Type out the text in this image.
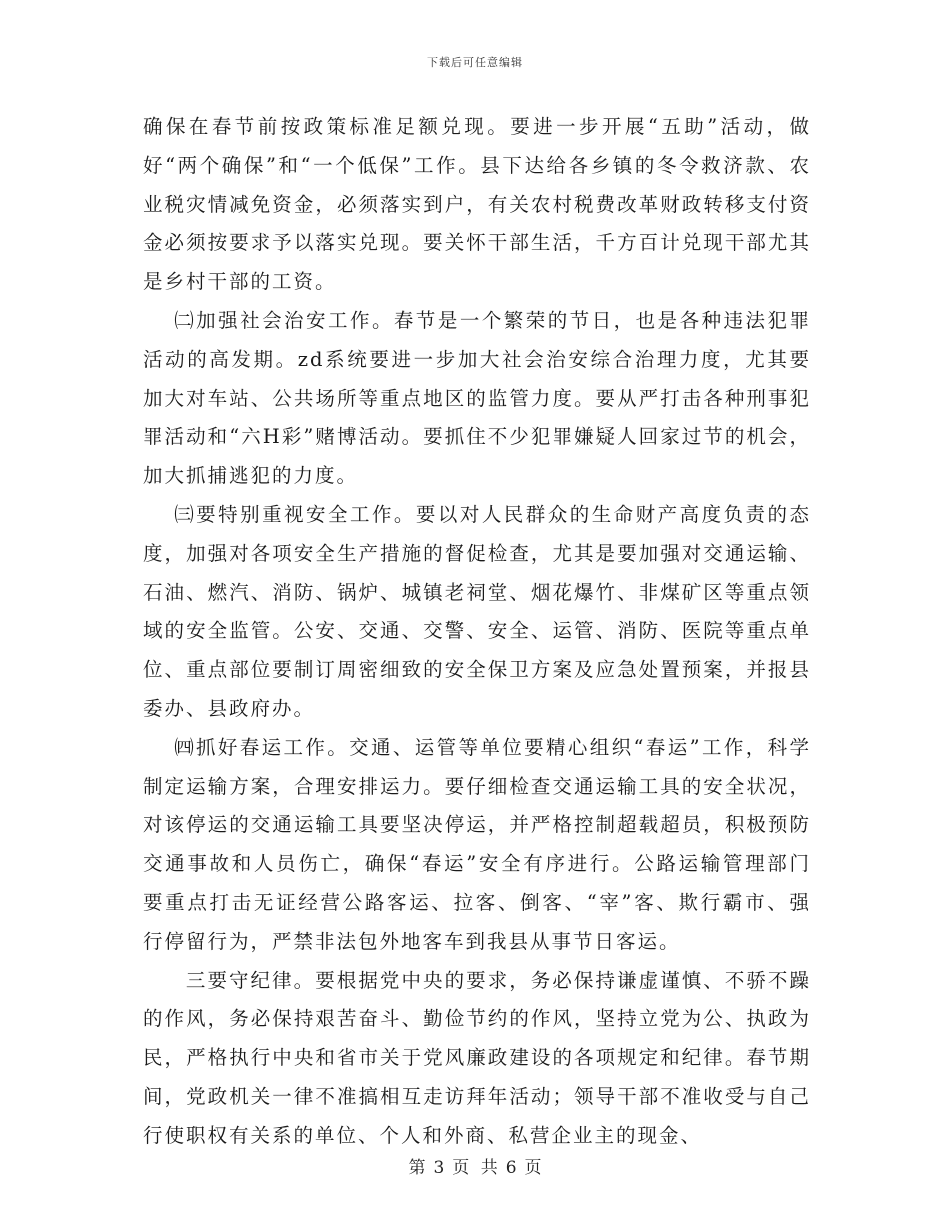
下载后可任意编辑

确保在春节前按政策标准足额兑现。要进一步开展“五助”活动，做好“两个确保”和“一个低保”工作。县下达给各乡镇的冬令救济款、农业税灾情减免资金，必须落实到户，有关农村税费改革财政转移支付资金必须按要求予以落实兑现。要关怀干部生活，千方百计兑现干部尤其是乡村干部的工资。

㈡加强社会治安工作。春节是一个繁荣的节日，也是各种违法犯罪活动的高发期。zd系统要进一步加大社会治安综合治理力度，尤其要加大对车站、公共场所等重点地区的监管力度。要从严打击各种刑事犯罪活动和“六H彩”赌博活动。要抓住不少犯罪嫌疑人回家过节的机会，加大抓捕逃犯的力度。

㈢要特别重视安全工作。要以对人民群众的生命财产高度负责的态度，加强对各项安全生产措施的督促检查，尤其是要加强对交通运输、石油、燃汽、消防、锅炉、城镇老祠堂、烟花爆竹、非煤矿区等重点领域的安全监管。公安、交通、交警、安全、运管、消防、医院等重点单位、重点部位要制订周密细致的安全保卫方案及应急处置预案，并报县委办、县政府办。

㈣抓好春运工作。交通、运管等单位要精心组织“春运”工作，科学制定运输方案，合理安排运力。要仔细检查交通运输工具的安全状况，对该停运的交通运输工具要坚决停运，并严格控制超载超员，积极预防交通事故和人员伤亡，确保“春运”安全有序进行。公路运输管理部门要重点打击无证经营公路客运、拉客、倒客、“宰”客、欺行霸市、强行停留行为，严禁非法包外地客车到我县从事节日客运。

三要守纪律。要根据党中央的要求，务必保持谦虚谨慎、不骄不躁的作风，务必保持艰苦奋斗、勤俭节约的作风，坚持立党为公、执政为民，严格执行中央和省市关于党风廉政建设的各项规定和纪律。春节期间，党政机关一律不准搞相互走访拜年活动；领导干部不准收受与自己行使职权有关系的单位、个人和外商、私营企业主的现金、

第 3 页 共 6 页
